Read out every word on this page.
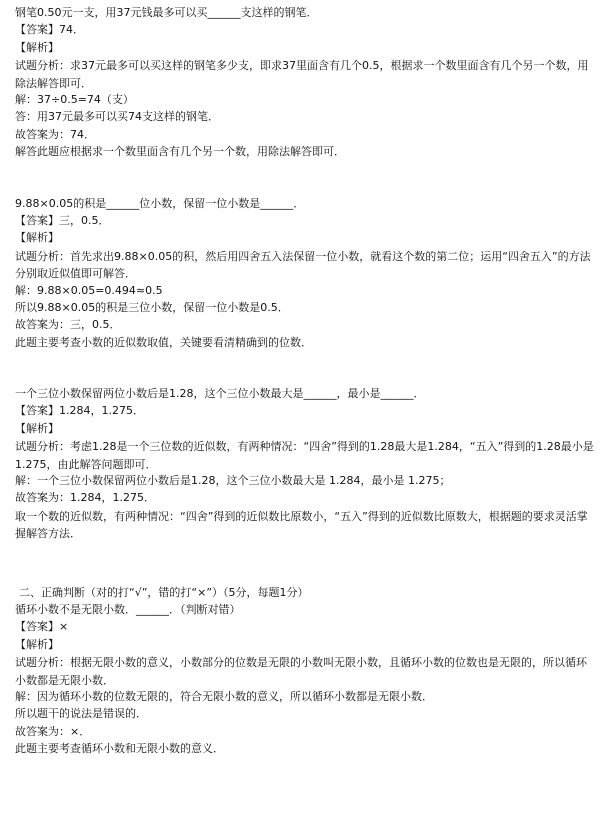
钢笔0.50元一支，用37元钱最多可以买______支这样的钢笔．
【答案】74．
【解析】
试题分析：求37元最多可以买这样的钢笔多少支，即求37里面含有几个0.5，根据求一个数里面含有几个另一个数，用除法解答即可．
解：37÷0.5=74（支）
答：用37元最多可以买74支这样的钢笔．
故答案为：74．
解答此题应根据求一个数里面含有几个另一个数，用除法解答即可．
9.88×0.05的积是______位小数，保留一位小数是______．
【答案】三，0.5．
【解析】
试题分析：首先求出9.88×0.05的积，然后用四舍五入法保留一位小数，就看这个数的第二位；运用“四舍五入”的方法分别取近似值即可解答．
解：9.88×0.05=0.494≈0.5
所以9.88×0.05的积是三位小数，保留一位小数是0.5．
故答案为：三，0.5．
此题主要考查小数的近似数取值，关键要看清精确到的位数．
一个三位小数保留两位小数后是1.28，这个三位小数最大是______，最小是______．
【答案】1.284，1.275．
【解析】
试题分析：考虑1.28是一个三位数的近似数，有两种情况：“四舍”得到的1.28最大是1.284，“五入”得到的1.28最小是1.275，由此解答问题即可．
解：一个三位小数保留两位小数后是1.28，这个三位小数最大是 1.284，最小是 1.275；
故答案为：1.284，1.275．
取一个数的近似数，有两种情况：“四舍”得到的近似数比原数小，“五入”得到的近似数比原数大，根据题的要求灵活掌握解答方法．
二、正确判断（对的打“√”，错的打“×”）（5分，每题1分）
循环小数不是无限小数．______．（判断对错）
【答案】×
【解析】
试题分析：根据无限小数的意义，小数部分的位数是无限的小数叫无限小数，且循环小数的位数也是无限的，所以循环小数都是无限小数．
解：因为循环小数的位数无限的，符合无限小数的意义，所以循环小数都是无限小数．
所以题干的说法是错误的．
故答案为：×．
此题主要考查循环小数和无限小数的意义．
